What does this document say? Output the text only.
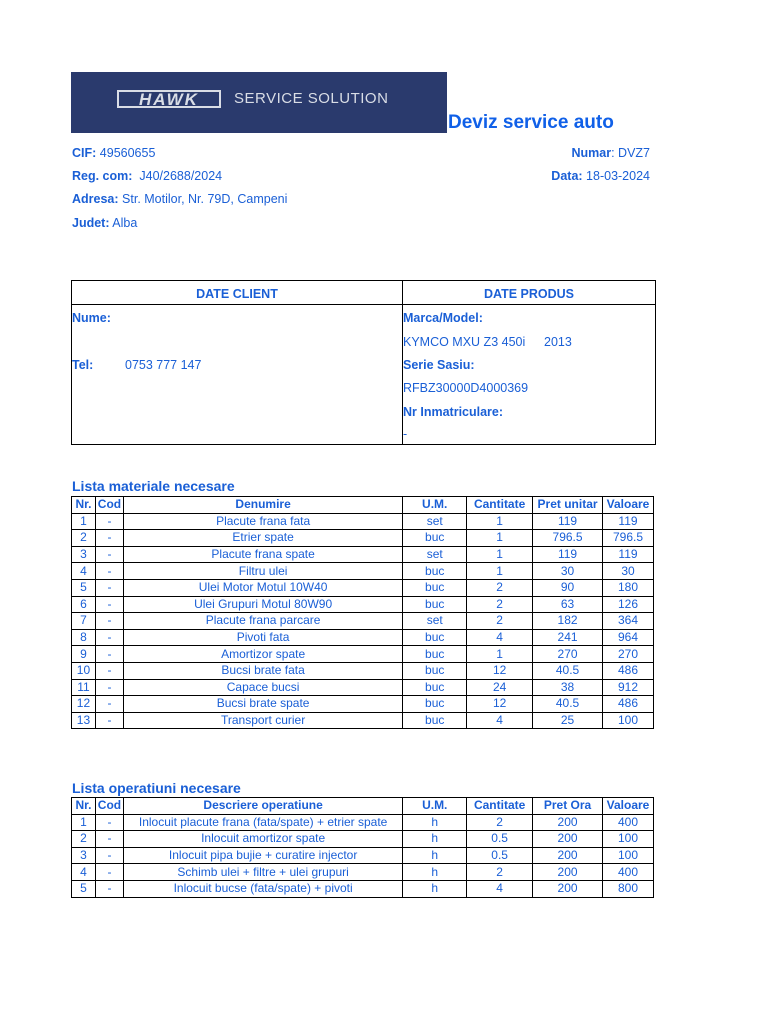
HAWK	SERVICE SOLUTION
Deviz service auto
CIF: 49560655
Reg. com: J40/2688/2024
Adresa: Str. Motilor, Nr. 79D, Campeni
Judet: Alba
Numar: DVZ7
Data: 18-03-2024
DATE CLIENT
Nume:
Tel:	0753 777 147
DATE PRODUS
Marca/Model:
KYMCO MXU Z3 450i 2013
Serie Sasiu:
RFBZ30000D4000369
Nr Inmatriculare:
-
Lista materiale necesare
Nr.	Cod	Denumire	U.M.	Cantitate	Pret unitar	Valoare
1	-	Placute frana fata	set	1	119	119
2	-	Etrier spate	buc	1	796.5	796.5
3	-	Placute frana spate	set	1	119	119
4	-	Filtru ulei	buc	1	30	30
5	-	Ulei Motor Motul 10W40	buc	2	90	180
6	-	Ulei Grupuri Motul 80W90	buc	2	63	126
7	-	Placute frana parcare	set	2	182	364
8	-	Pivoti fata	buc	4	241	964
9	-	Amortizor spate	buc	1	270	270
10	-	Bucsi brate fata	buc	12	40.5	486
11	-	Capace bucsi	buc	24	38	912
12	-	Bucsi brate spate	buc	12	40.5	486
13	-	Transport curier	buc	4	25	100
Lista operatiuni necesare
Nr.	Cod	Descriere operatiune	U.M.	Cantitate	Pret Ora	Valoare
1	-	Inlocuit placute frana (fata/spate) + etrier spate	h	2	200	400
2	-	Inlocuit amortizor spate	h	0.5	200	100
3	-	Inlocuit pipa bujie + curatire injector	h	0.5	200	100
4	-	Schimb ulei + filtre + ulei grupuri	h	2	200	400
5	-	Inlocuit bucse (fata/spate) + pivoti	h	4	200	800
